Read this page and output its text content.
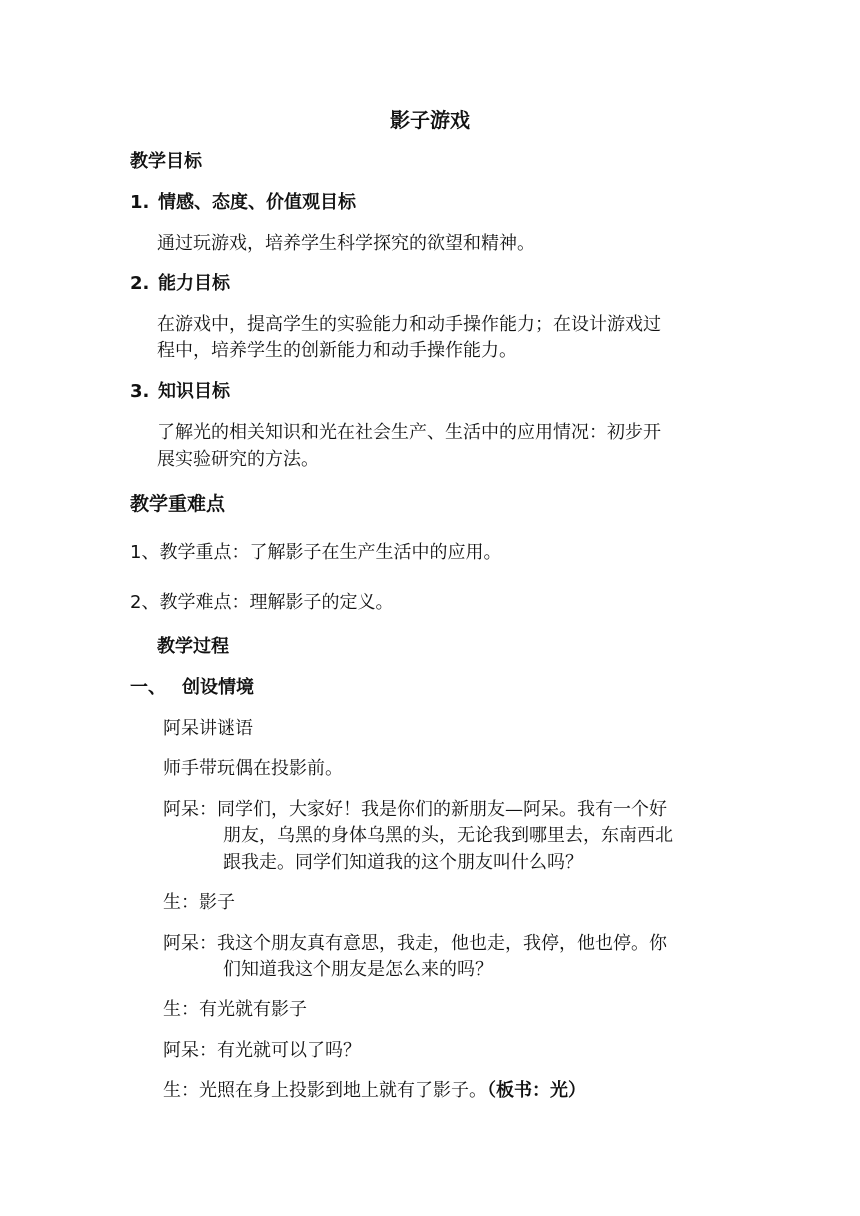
影子游戏
教学目标
1. 情感、态度、价值观目标
通过玩游戏，培养学生科学探究的欲望和精神。
2. 能力目标
在游戏中，提高学生的实验能力和动手操作能力；在设计游戏过
程中，培养学生的创新能力和动手操作能力。
3. 知识目标
了解光的相关知识和光在社会生产、生活中的应用情况：初步开
展实验研究的方法。
教学重难点
1、教学重点：了解影子在生产生活中的应用。
2、教学难点：理解影子的定义。
教学过程
一、 创设情境
阿呆讲谜语
师手带玩偶在投影前。
阿呆：同学们，大家好！我是你们的新朋友—阿呆。我有一个好
朋友，乌黑的身体乌黑的头，无论我到哪里去，东南西北
跟我走。同学们知道我的这个朋友叫什么吗？
生：影子
阿呆：我这个朋友真有意思，我走，他也走，我停，他也停。你
们知道我这个朋友是怎么来的吗？
生：有光就有影子
阿呆：有光就可以了吗？
生：光照在身上投影到地上就有了影子。（板书：光）
